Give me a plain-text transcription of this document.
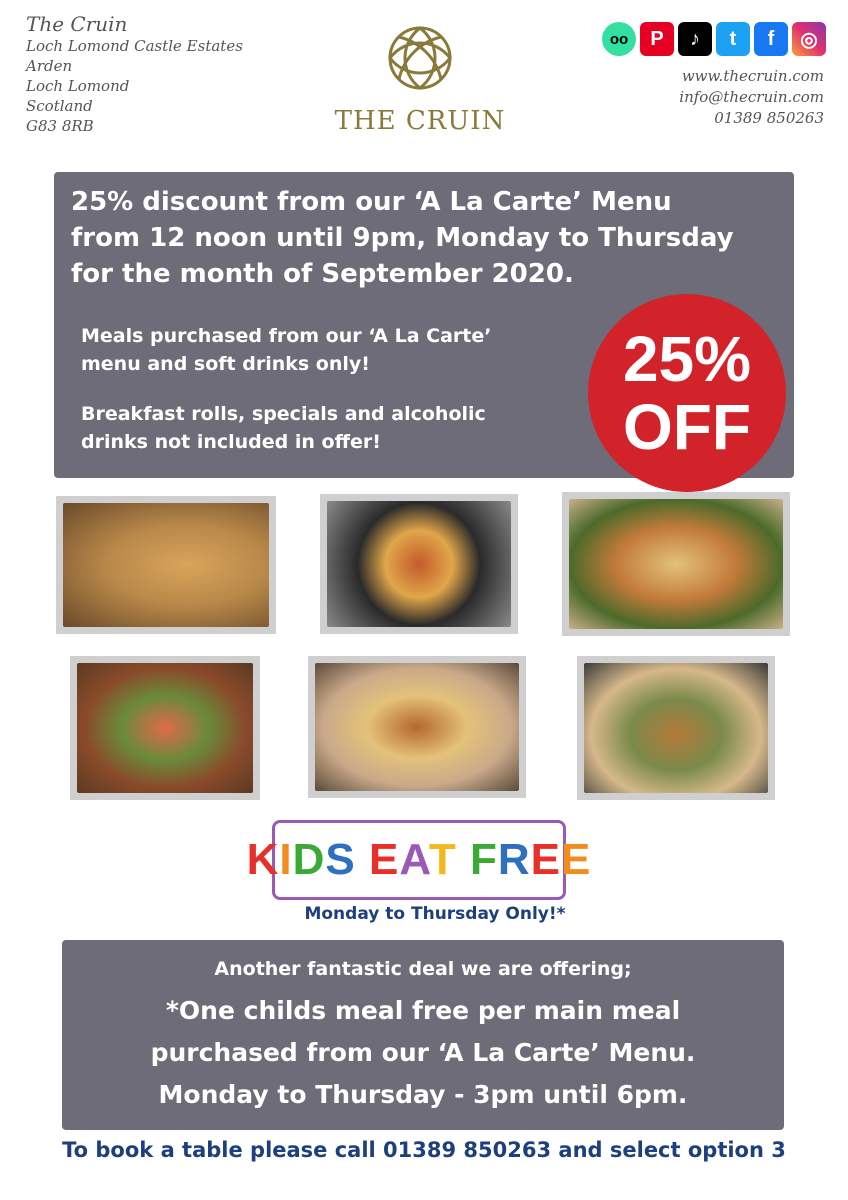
The Cruin
Loch Lomond Castle Estates
Arden
Loch Lomond
Scotland
G83 8RB	THE CRUIN
oo	P	♪	t	f	◎
www.thecruin.com
info@thecruin.com
01389 850263
25% discount from our ‘A La Carte’ Menu
from 12 noon until 9pm, Monday to Thursday
for the month of September 2020.
Meals purchased from our ‘A La Carte’
menu and soft drinks only!
Breakfast rolls, specials and alcoholic
drinks not included in offer!
25%
OFF
KIDS EAT FREE
Monday to Thursday Only!*
Another fantastic deal we are offering;
*One childs meal free per main meal
purchased from our ‘A La Carte’ Menu.
Monday to Thursday - 3pm until 6pm.
To book a table please call 01389 850263 and select option 3
